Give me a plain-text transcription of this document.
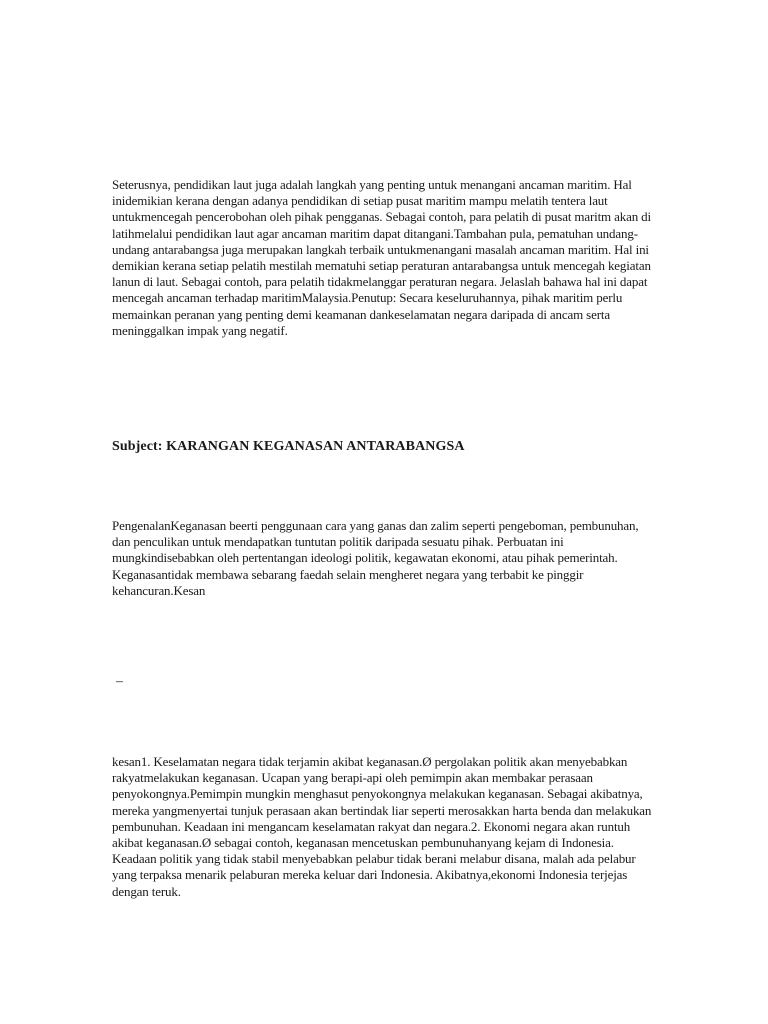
Seterusnya, pendidikan laut juga adalah langkah yang penting untuk menangani ancaman maritim. Hal inidemikian kerana dengan adanya pendidikan di setiap pusat maritim mampu melatih tentera laut untukmencegah pencerobohan oleh pihak pengganas. Sebagai contoh, para pelatih di pusat maritm akan di latihmelalui pendidikan laut agar ancaman maritim dapat ditangani.Tambahan pula, pematuhan undang-undang antarabangsa juga merupakan langkah terbaik untukmenangani masalah ancaman maritim. Hal ini demikian kerana setiap pelatih mestilah mematuhi setiap peraturan antarabangsa untuk mencegah kegiatan lanun di laut. Sebagai contoh, para pelatih tidakmelanggar peraturan negara. Jelaslah bahawa hal ini dapat mencegah ancaman terhadap maritimMalaysia.Penutup: Secara keseluruhannya, pihak maritim perlu memainkan peranan yang penting demi keamanan dankeselamatan negara daripada di ancam serta meninggalkan impak yang negatif.

Subject: KARANGAN KEGANASAN ANTARABANGSA

PengenalanKeganasan beerti penggunaan cara yang ganas dan zalim seperti pengeboman, pembunuhan, dan penculikan untuk mendapatkan tuntutan politik daripada sesuatu pihak. Perbuatan ini mungkindisebabkan oleh pertentangan ideologi politik, kegawatan ekonomi, atau pihak pemerintah. Keganasantidak membawa sebarang faedah selain mengheret negara yang terbabit ke pinggir kehancuran.Kesan

–

kesan1. Keselamatan negara tidak terjamin akibat keganasan.Ø pergolakan politik akan menyebabkan rakyatmelakukan keganasan. Ucapan yang berapi-api oleh pemimpin akan membakar perasaan penyokongnya.Pemimpin mungkin menghasut penyokongnya melakukan keganasan. Sebagai akibatnya, mereka yangmenyertai tunjuk perasaan akan bertindak liar seperti merosakkan harta benda dan melakukan pembunuhan. Keadaan ini mengancam keselamatan rakyat dan negara.2. Ekonomi negara akan runtuh akibat keganasan.Ø sebagai contoh, keganasan mencetuskan pembunuhanyang kejam di Indonesia. Keadaan politik yang tidak stabil menyebabkan pelabur tidak berani melabur disana, malah ada pelabur yang terpaksa menarik pelaburan mereka keluar dari Indonesia. Akibatnya,ekonomi Indonesia terjejas dengan teruk.
